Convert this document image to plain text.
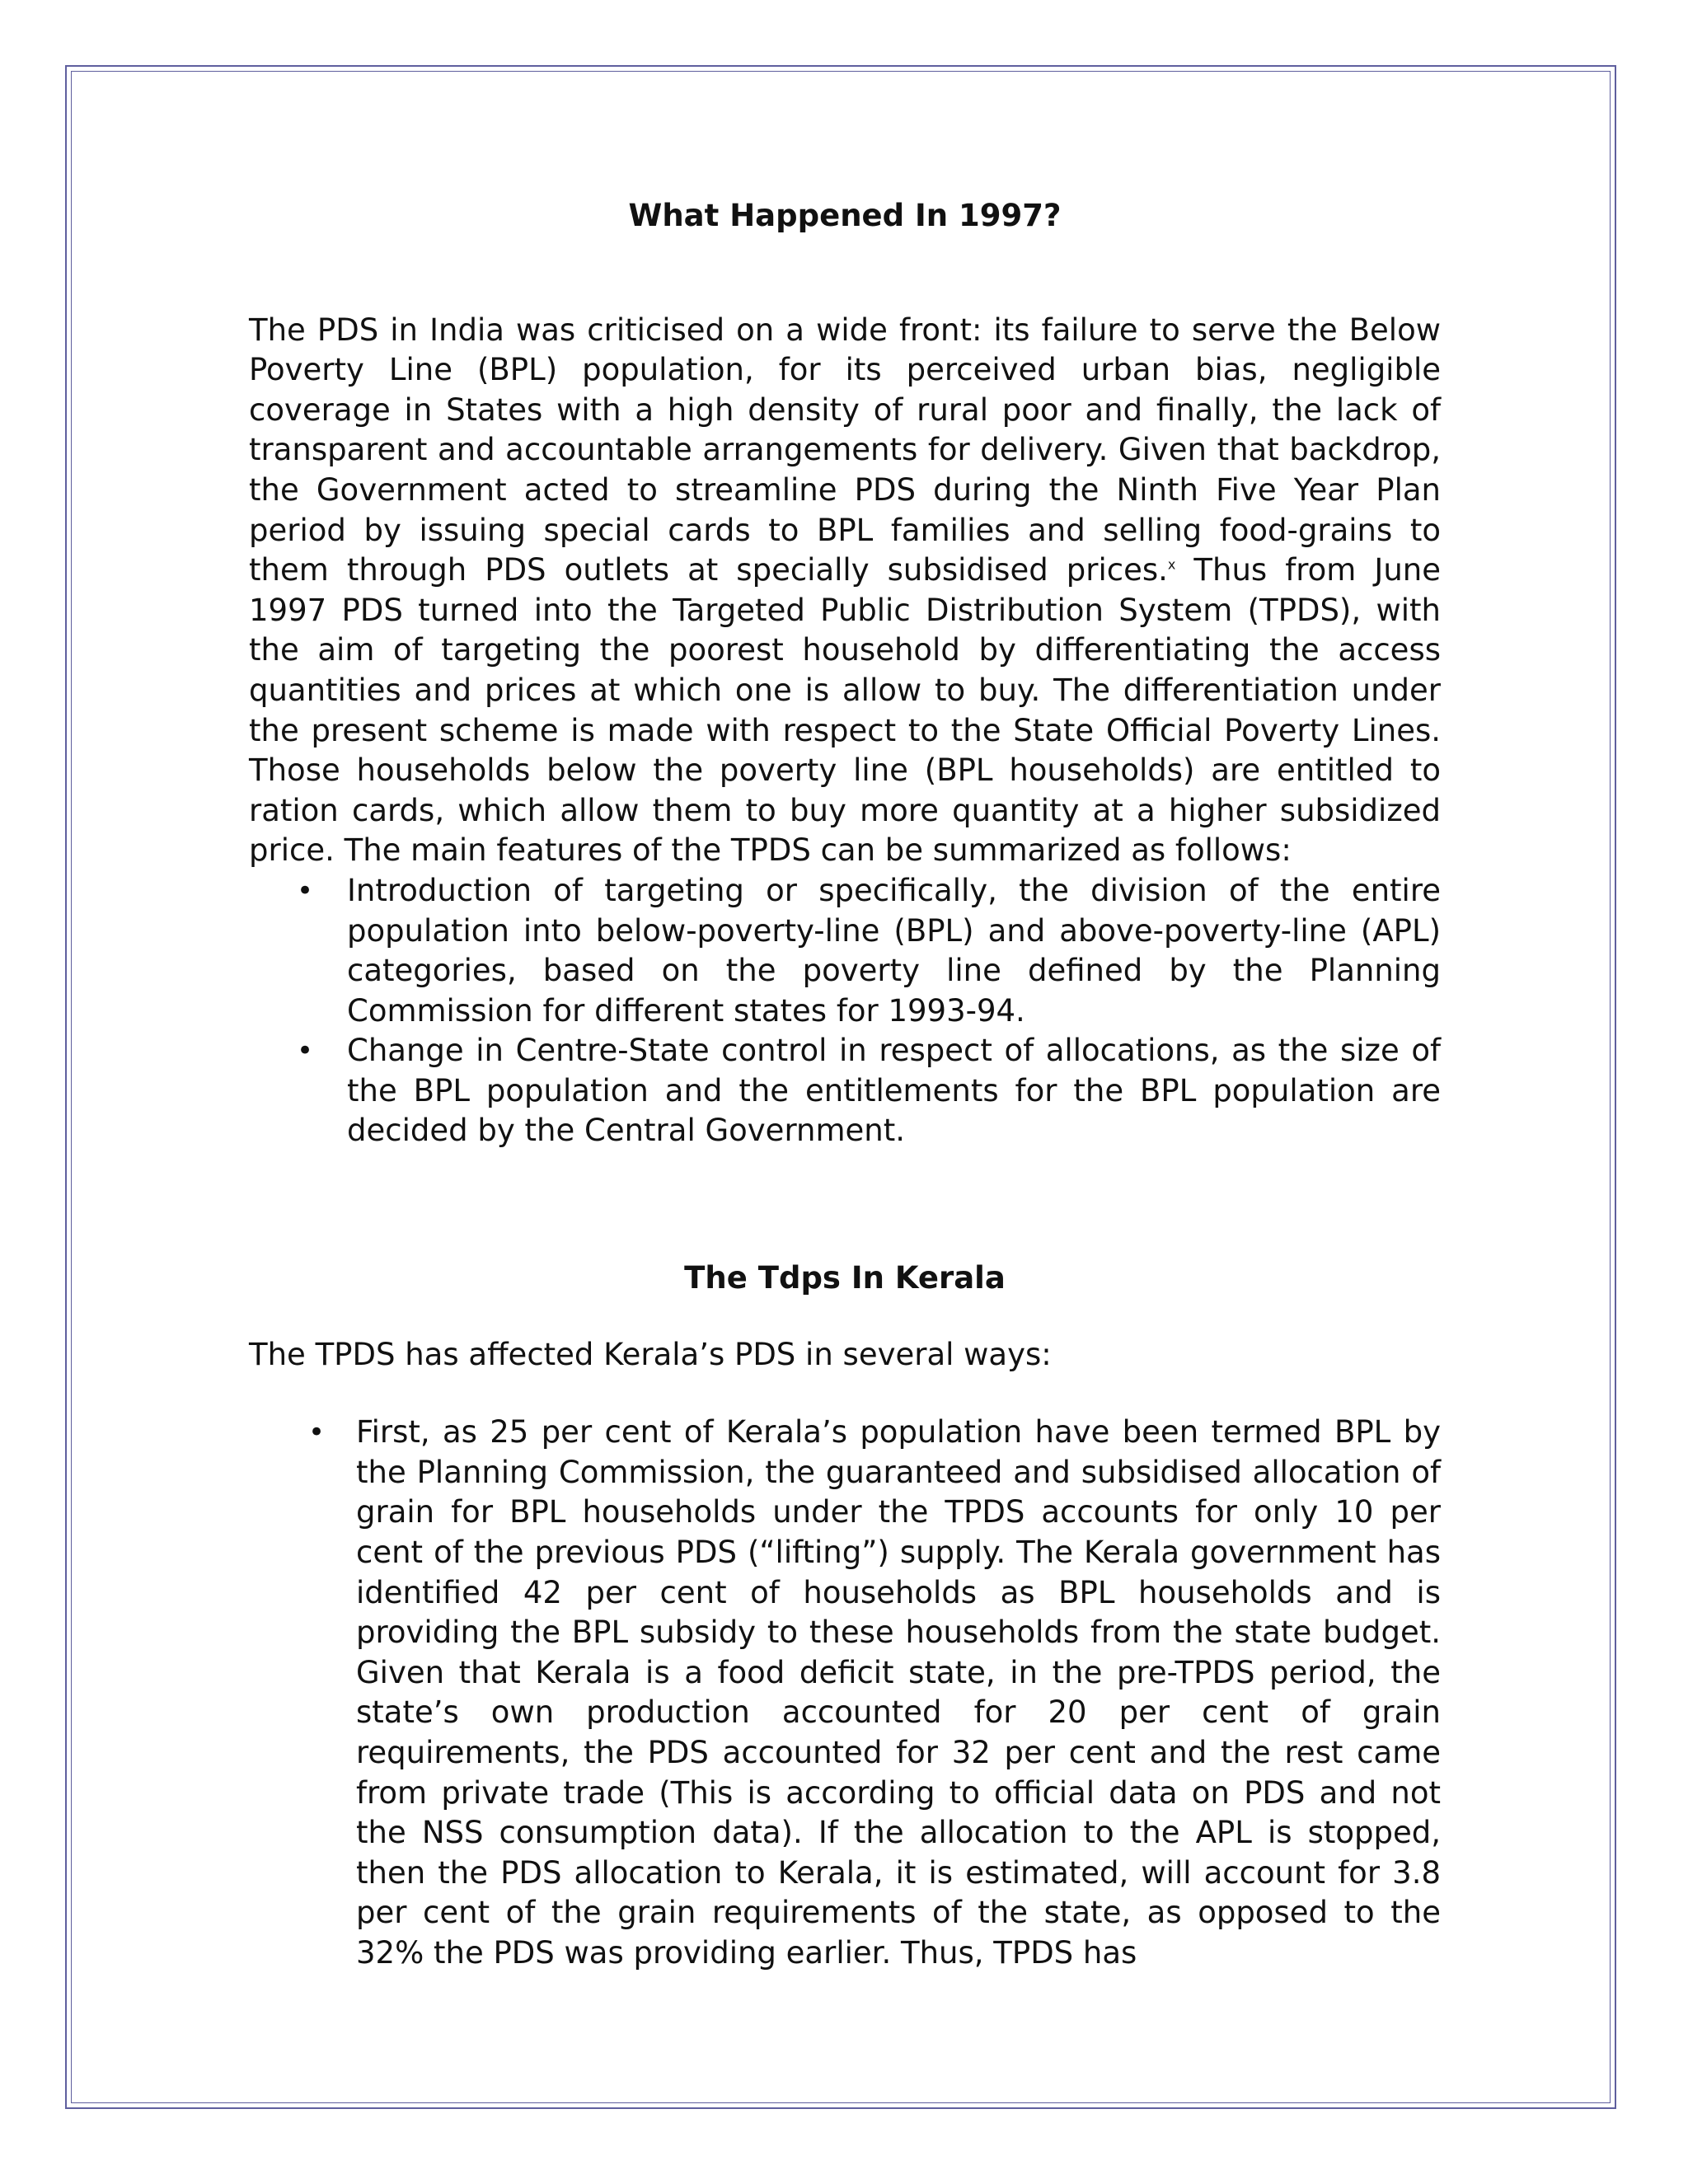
What Happened In 1997?

The PDS in India was criticised on a wide front: its failure to serve the Below Poverty Line (BPL) population, for its perceived urban bias, negligible coverage in States with a high density of rural poor and finally, the lack of transparent and accountable arrangements for delivery. Given that backdrop, the Government acted to streamline PDS during the Ninth Five Year Plan period by issuing special cards to BPL families and selling food-grains to them through PDS outlets at specially subsidised prices.$^x$ Thus from June 1997 PDS turned into the Targeted Public Distribution System (TPDS), with the aim of targeting the poorest household by differentiating the access quantities and prices at which one is allow to buy. The differentiation under the present scheme is made with respect to the State Official Poverty Lines. Those households below the poverty line (BPL households) are entitled to ration cards, which allow them to buy more quantity at a higher subsidized price. The main features of the TPDS can be summarized as follows:

• Introduction of targeting or specifically, the division of the entire population into below-poverty-line (BPL) and above-poverty-line (APL) categories, based on the poverty line defined by the Planning Commission for different states for 1993-94.
• Change in Centre-State control in respect of allocations, as the size of the BPL population and the entitlements for the BPL population are decided by the Central Government.
The Tdps In Kerala

The TPDS has affected Kerala’s PDS in several ways:

• First, as 25 per cent of Kerala’s population have been termed BPL by the Planning Commission, the guaranteed and subsidised allocation of grain for BPL households under the TPDS accounts for only 10 per cent of the previous PDS (“lifting”) supply. The Kerala government has identified 42 per cent of households as BPL households and is providing the BPL subsidy to these households from the state budget. Given that Kerala is a food deficit state, in the pre-TPDS period, the state’s own production accounted for 20 per cent of grain requirements, the PDS accounted for 32 per cent and the rest came from private trade (This is according to official data on PDS and not the NSS consumption data). If the allocation to the APL is stopped, then the PDS allocation to Kerala, it is estimated, will account for 3.8 per cent of the grain requirements of the state, as opposed to the 32% the PDS was providing earlier. Thus, TPDS has
